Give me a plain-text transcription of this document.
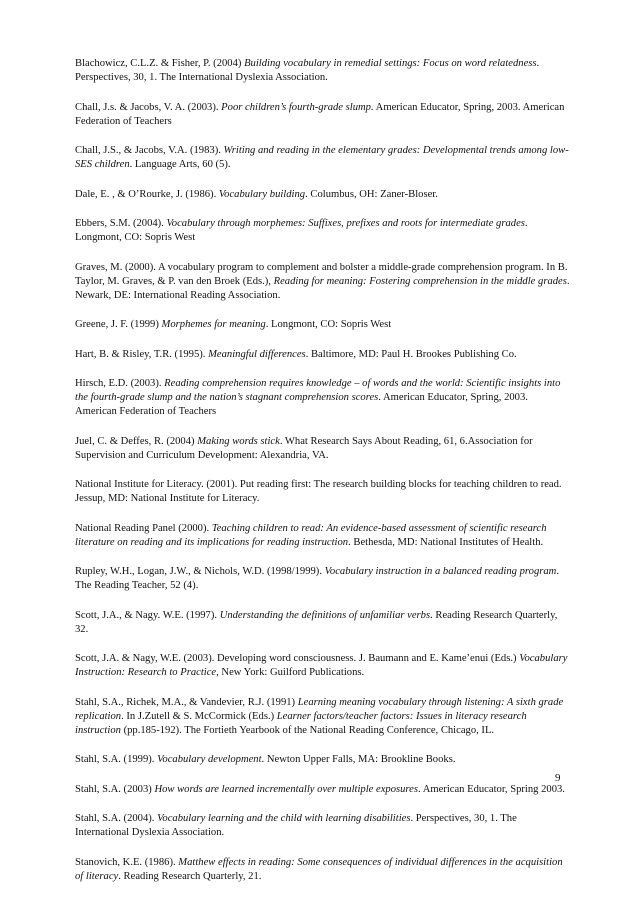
Blachowicz, C.L.Z. & Fisher, P. (2004) Building vocabulary in remedial settings: Focus on word relatedness. Perspectives, 30, 1. The International Dyslexia Association.

Chall, J.s. & Jacobs, V. A. (2003). Poor children’s fourth-grade slump. American Educator, Spring, 2003. American Federation of Teachers

Chall, J.S., & Jacobs, V.A. (1983). Writing and reading in the elementary grades: Developmental trends among low-SES children. Language Arts, 60 (5).

Dale, E. , & O’Rourke, J. (1986). Vocabulary building. Columbus, OH: Zaner-Bloser.

Ebbers, S.M. (2004). Vocabulary through morphemes: Suffixes, prefixes and roots for intermediate grades. Longmont, CO: Sopris West

Graves, M. (2000). A vocabulary program to complement and bolster a middle-grade comprehension program. In B. Taylor, M. Graves, & P. van den Broek (Eds.), Reading for meaning: Fostering comprehension in the middle grades. Newark, DE: International Reading Association.

Greene, J. F. (1999) Morphemes for meaning. Longmont, CO: Sopris West

Hart, B. & Risley, T.R. (1995). Meaningful differences. Baltimore, MD: Paul H. Brookes Publishing Co.

Hirsch, E.D. (2003). Reading comprehension requires knowledge – of words and the world: Scientific insights into the fourth-grade slump and the nation’s stagnant comprehension scores. American Educator, Spring, 2003. American Federation of Teachers

Juel, C. & Deffes, R. (2004) Making words stick. What Research Says About Reading, 61, 6.Association for Supervision and Curriculum Development: Alexandria, VA.

National Institute for Literacy. (2001). Put reading first: The research building blocks for teaching children to read. Jessup, MD: National Institute for Literacy.

National Reading Panel (2000). Teaching children to read: An evidence-based assessment of scientific research literature on reading and its implications for reading instruction. Bethesda, MD: National Institutes of Health.

Rupley, W.H., Logan, J.W., & Nichols, W.D. (1998/1999). Vocabulary instruction in a balanced reading program. The Reading Teacher, 52 (4).

Scott, J.A., & Nagy. W.E. (1997). Understanding the definitions of unfamiliar verbs. Reading Research Quarterly, 32.

Scott, J.A. & Nagy, W.E. (2003). Developing word consciousness. J. Baumann and E. Kame’enui (Eds.) Vocabulary Instruction: Research to Practice, New York: Guilford Publications.

Stahl, S.A., Richek, M.A., & Vandevier, R.J. (1991) Learning meaning vocabulary through listening: A sixth grade replication. In J.Zutell & S. McCormick (Eds.) Learner factors/teacher factors: Issues in literacy research instruction (pp.185-192). The Fortieth Yearbook of the National Reading Conference, Chicago, IL.

Stahl, S.A. (1999). Vocabulary development. Newton Upper Falls, MA: Brookline Books.

Stahl, S.A. (2003) How words are learned incrementally over multiple exposures. American Educator, Spring 2003.

Stahl, S.A. (2004). Vocabulary learning and the child with learning disabilities. Perspectives, 30, 1. The International Dyslexia Association.

Stanovich, K.E. (1986). Matthew effects in reading: Some consequences of individual differences in the acquisition of literacy. Reading Research Quarterly, 21.

9
